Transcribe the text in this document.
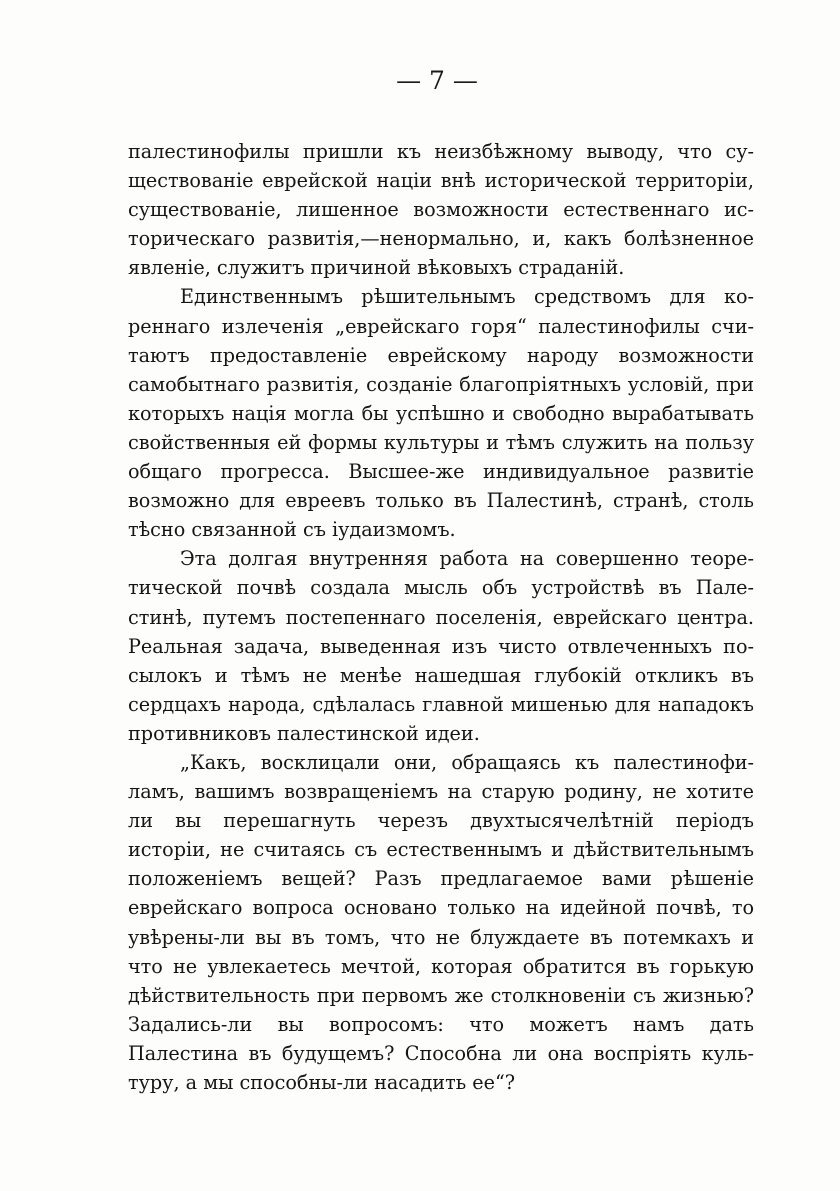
— 7 —

палестинофилы пришли къ неизбѣжному выводу, что существованіе еврейской націи внѣ исторической территоріи, существованіе, лишенное возможности естественнаго историческаго развитія,—ненормально, и, какъ болѣзненное явленіе, служитъ причиной вѣковыхъ страданій.

Единственнымъ рѣшительнымъ средствомъ для кореннаго излеченія „еврейскаго горя“ палестинофилы считаютъ предоставленіе еврейскому народу возможности самобытнаго развитія, созданіе благопріятныхъ условій, при которыхъ нація могла бы успѣшно и свободно вырабатывать свойственныя ей формы культуры и тѣмъ служить на пользу общаго прогресса. Высшее-же индивидуальное развитіе возможно для евреевъ только въ Палестинѣ, странѣ, столь тѣсно связанной съ іудаизмомъ.

Эта долгая внутренняя работа на совершенно теоретической почвѣ создала мысль объ устройствѣ въ Палестинѣ, путемъ постепеннаго поселенія, еврейскаго центра. Реальная задача, выведенная изъ чисто отвлеченныхъ посылокъ и тѣмъ не менѣе нашедшая глубокій откликъ въ сердцахъ народа, сдѣлалась главной мишенью для нападокъ противниковъ палестинской идеи.

„Какъ, восклицали они, обращаясь къ палестинофиламъ, вашимъ возвращеніемъ на старую родину, не хотите ли вы перешагнуть черезъ двухтысячелѣтній періодъ исторіи, не считаясь съ естественнымъ и дѣйствительнымъ положеніемъ вещей? Разъ предлагаемое вами рѣшеніе еврейскаго вопроса основано только на идейной почвѣ, то увѣрены-ли вы въ томъ, что не блуждаете въ потемкахъ и что не увлекаетесь мечтой, которая обратится въ горькую дѣйствительность при первомъ же столкновеніи съ жизнью? Задались-ли вы вопросомъ: что можетъ намъ дать Палестина въ будущемъ? Способна ли она воспріять культуру, а мы способны-ли насадить ее“?
